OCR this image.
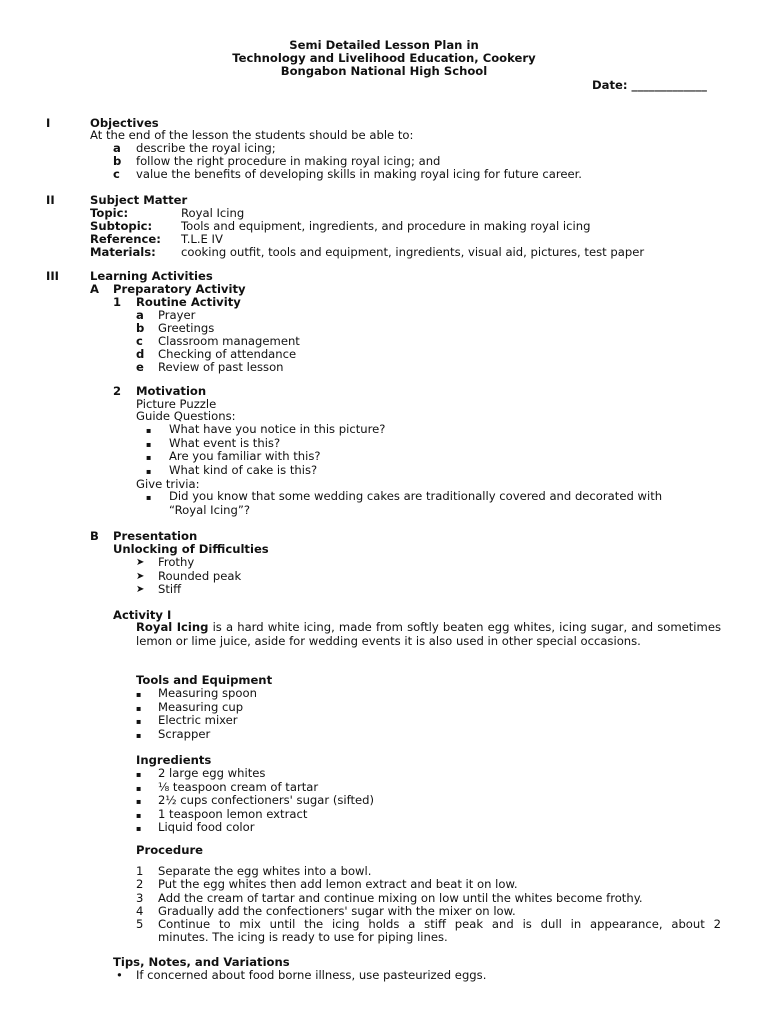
Semi Detailed Lesson Plan in
Technology and Livelihood Education, Cookery
Bongabon National High School
Date: _____________
I	Objectives
At the end of the lesson the students should be able to:
a describe the royal icing;
b follow the right procedure in making royal icing; and
c value the benefits of developing skills in making royal icing for future career.
II	Subject Matter
Topic:	Royal Icing
Subtopic: Tools and equipment, ingredients, and procedure in making royal icing
Reference: T.L.E IV
Materials: cooking outfit, tools and equipment, ingredients, visual aid, pictures, test paper
III	Learning Activities
A Preparatory Activity
1 Routine Activity
a Prayer
b Greetings
c Classroom management
d Checking of attendance
e Review of past lesson
2 Motivation
Picture Puzzle
Guide Questions:
▪ What have you notice in this picture?
▪ What event is this?
▪ Are you familiar with this?
▪ What kind of cake is this?
Give trivia:
▪ Did you know that some wedding cakes are traditionally covered and decorated with
“Royal Icing”?
B Presentation
Unlocking of Difficulties
➤ Frothy
➤ Rounded peak
➤ Stiff
Activity I
Royal Icing is a hard white icing, made from softly beaten egg whites, icing sugar, and sometimes lemon or lime juice, aside for wedding events it is also used in other special occasions.
Tools and Equipment
▪ Measuring spoon
▪ Measuring cup
▪ Electric mixer
▪ Scrapper
Ingredients
▪ 2 large egg whites
▪ ⅛ teaspoon cream of tartar
▪ 2½ cups confectioners' sugar (sifted)
▪ 1 teaspoon lemon extract
▪ Liquid food color
Procedure
1 Separate the egg whites into a bowl.
2 Put the egg whites then add lemon extract and beat it on low.
3 Add the cream of tartar and continue mixing on low until the whites become frothy.
4 Gradually add the confectioners' sugar with the mixer on low.
5 Continue to mix until the icing holds a stiff peak and is dull in appearance, about 2
minutes. The icing is ready to use for piping lines.
Tips, Notes, and Variations
• If concerned about food borne illness, use pasteurized eggs.
